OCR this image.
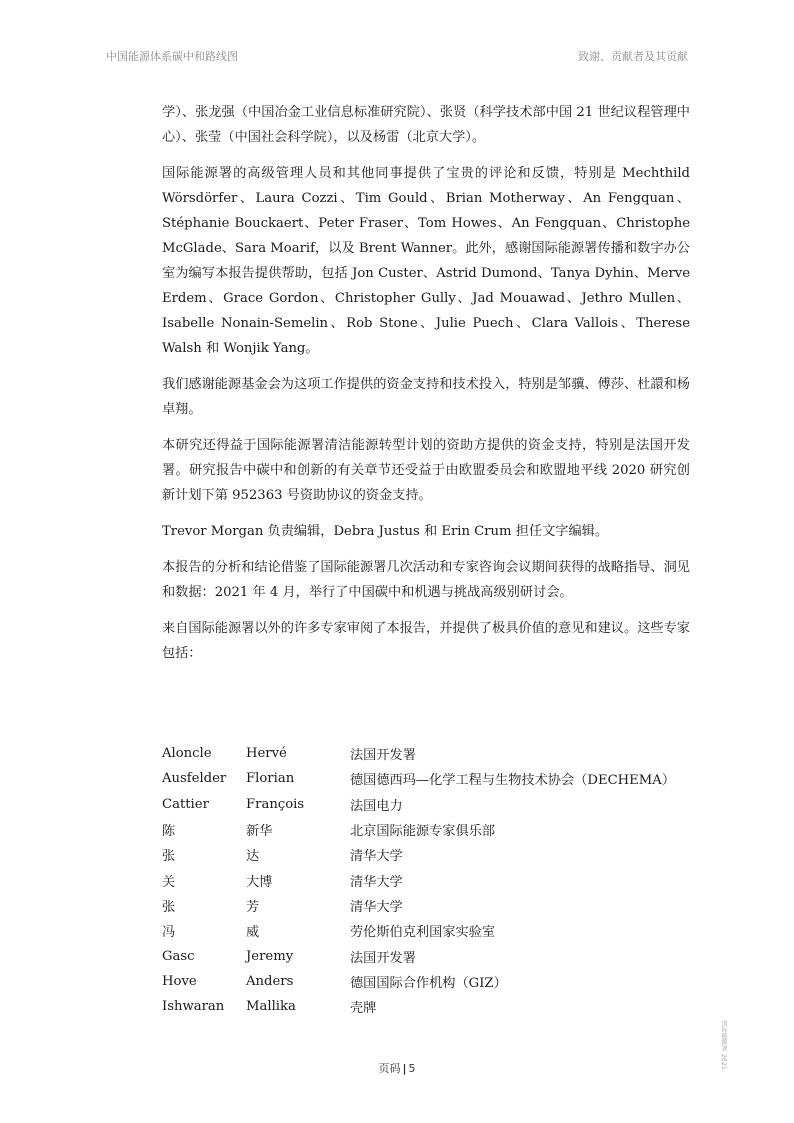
中国能源体系碳中和路线图	致谢、贡献者及其贡献

学）、张龙强（中国冶金工业信息标准研究院）、张贤（科学技术部中国 21 世纪议程管理中心）、张莹（中国社会科学院），以及杨雷（北京大学）。

国际能源署的高级管理人员和其他同事提供了宝贵的评论和反馈，特别是 Mechthild Wörsdörfer、Laura Cozzi、Tim Gould、Brian Motherway、An Fengquan、Stéphanie Bouckaert、Peter Fraser、Tom Howes、An Fengquan、Christophe McGlade、Sara Moarif，以及 Brent Wanner。此外，感谢国际能源署传播和数字办公室为编写本报告提供帮助，包括 Jon Custer、Astrid Dumond、Tanya Dyhin、Merve Erdem、Grace Gordon、Christopher Gully、Jad Mouawad、Jethro Mullen、Isabelle Nonain-Semelin、Rob Stone、Julie Puech、Clara Vallois、Therese Walsh 和 Wonjik Yang。

我们感谢能源基金会为这项工作提供的资金支持和技术投入，特别是邹骥、傅莎、杜譞和杨卓翔。

本研究还得益于国际能源署清洁能源转型计划的资助方提供的资金支持，特别是法国开发署。研究报告中碳中和创新的有关章节还受益于由欧盟委员会和欧盟地平线 2020 研究创新计划下第 952363 号资助协议的资金支持。

Trevor Morgan 负责编辑，Debra Justus 和 Erin Crum 担任文字编辑。

本报告的分析和结论借鉴了国际能源署几次活动和专家咨询会议期间获得的战略指导、洞见和数据：2021 年 4 月，举行了中国碳中和机遇与挑战高级别研讨会。

来自国际能源署以外的许多专家审阅了本报告，并提供了极具价值的意见和建议。这些专家包括：

Aloncle	Hervé	法国开发署
Ausfelder	Florian	德国德西玛—化学工程与生物技术协会（DECHEMA）
Cattier	François	法国电力
陈	新华	北京国际能源专家俱乐部
张	达	清华大学
关	大博	清华大学
张	芳	清华大学
冯	威	劳伦斯伯克利国家实验室
Gasc	Jeremy	法国开发署
Hove	Anders	德国国际合作机构（GIZ）
Ishwaran	Mallika	壳牌
国际能源署 2021.
页码 | 5
